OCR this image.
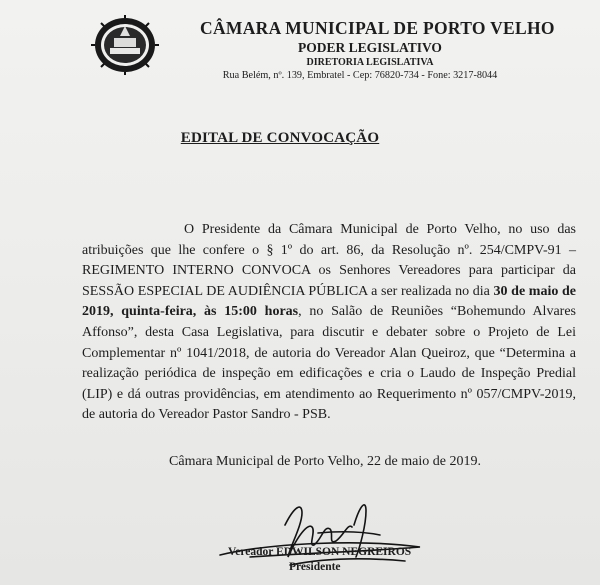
CÂMARA MUNICIPAL DE PORTO VELHO
PODER LEGISLATIVO
DIRETORIA LEGISLATIVA
Rua Belém, nº. 139, Embratel - Cep: 76820-734 - Fone: 3217-8044
EDITAL DE CONVOCAÇÃO

O Presidente da Câmara Municipal de Porto Velho, no uso das atribuições que lhe confere o § 1º do art. 86, da Resolução nº. 254/CMPV-91 – REGIMENTO INTERNO CONVOCA os Senhores Vereadores para participar da SESSÃO ESPECIAL DE AUDIÊNCIA PÚBLICA a ser realizada no dia 30 de maio de 2019, quinta-feira, às 15:00 horas, no Salão de Reuniões “Bohemundo Alvares Affonso”, desta Casa Legislativa, para discutir e debater sobre o Projeto de Lei Complementar nº 1041/2018, de autoria do Vereador Alan Queiroz, que “Determina a realização periódica de inspeção em edificações e cria o Laudo de Inspeção Predial (LIP) e dá outras providências, em atendimento ao Requerimento nº 057/CMPV-2019, de autoria do Vereador Pastor Sandro - PSB.

Câmara Municipal de Porto Velho, 22 de maio de 2019.
Vereador EDWILSON NEGREIROS
Presidente
